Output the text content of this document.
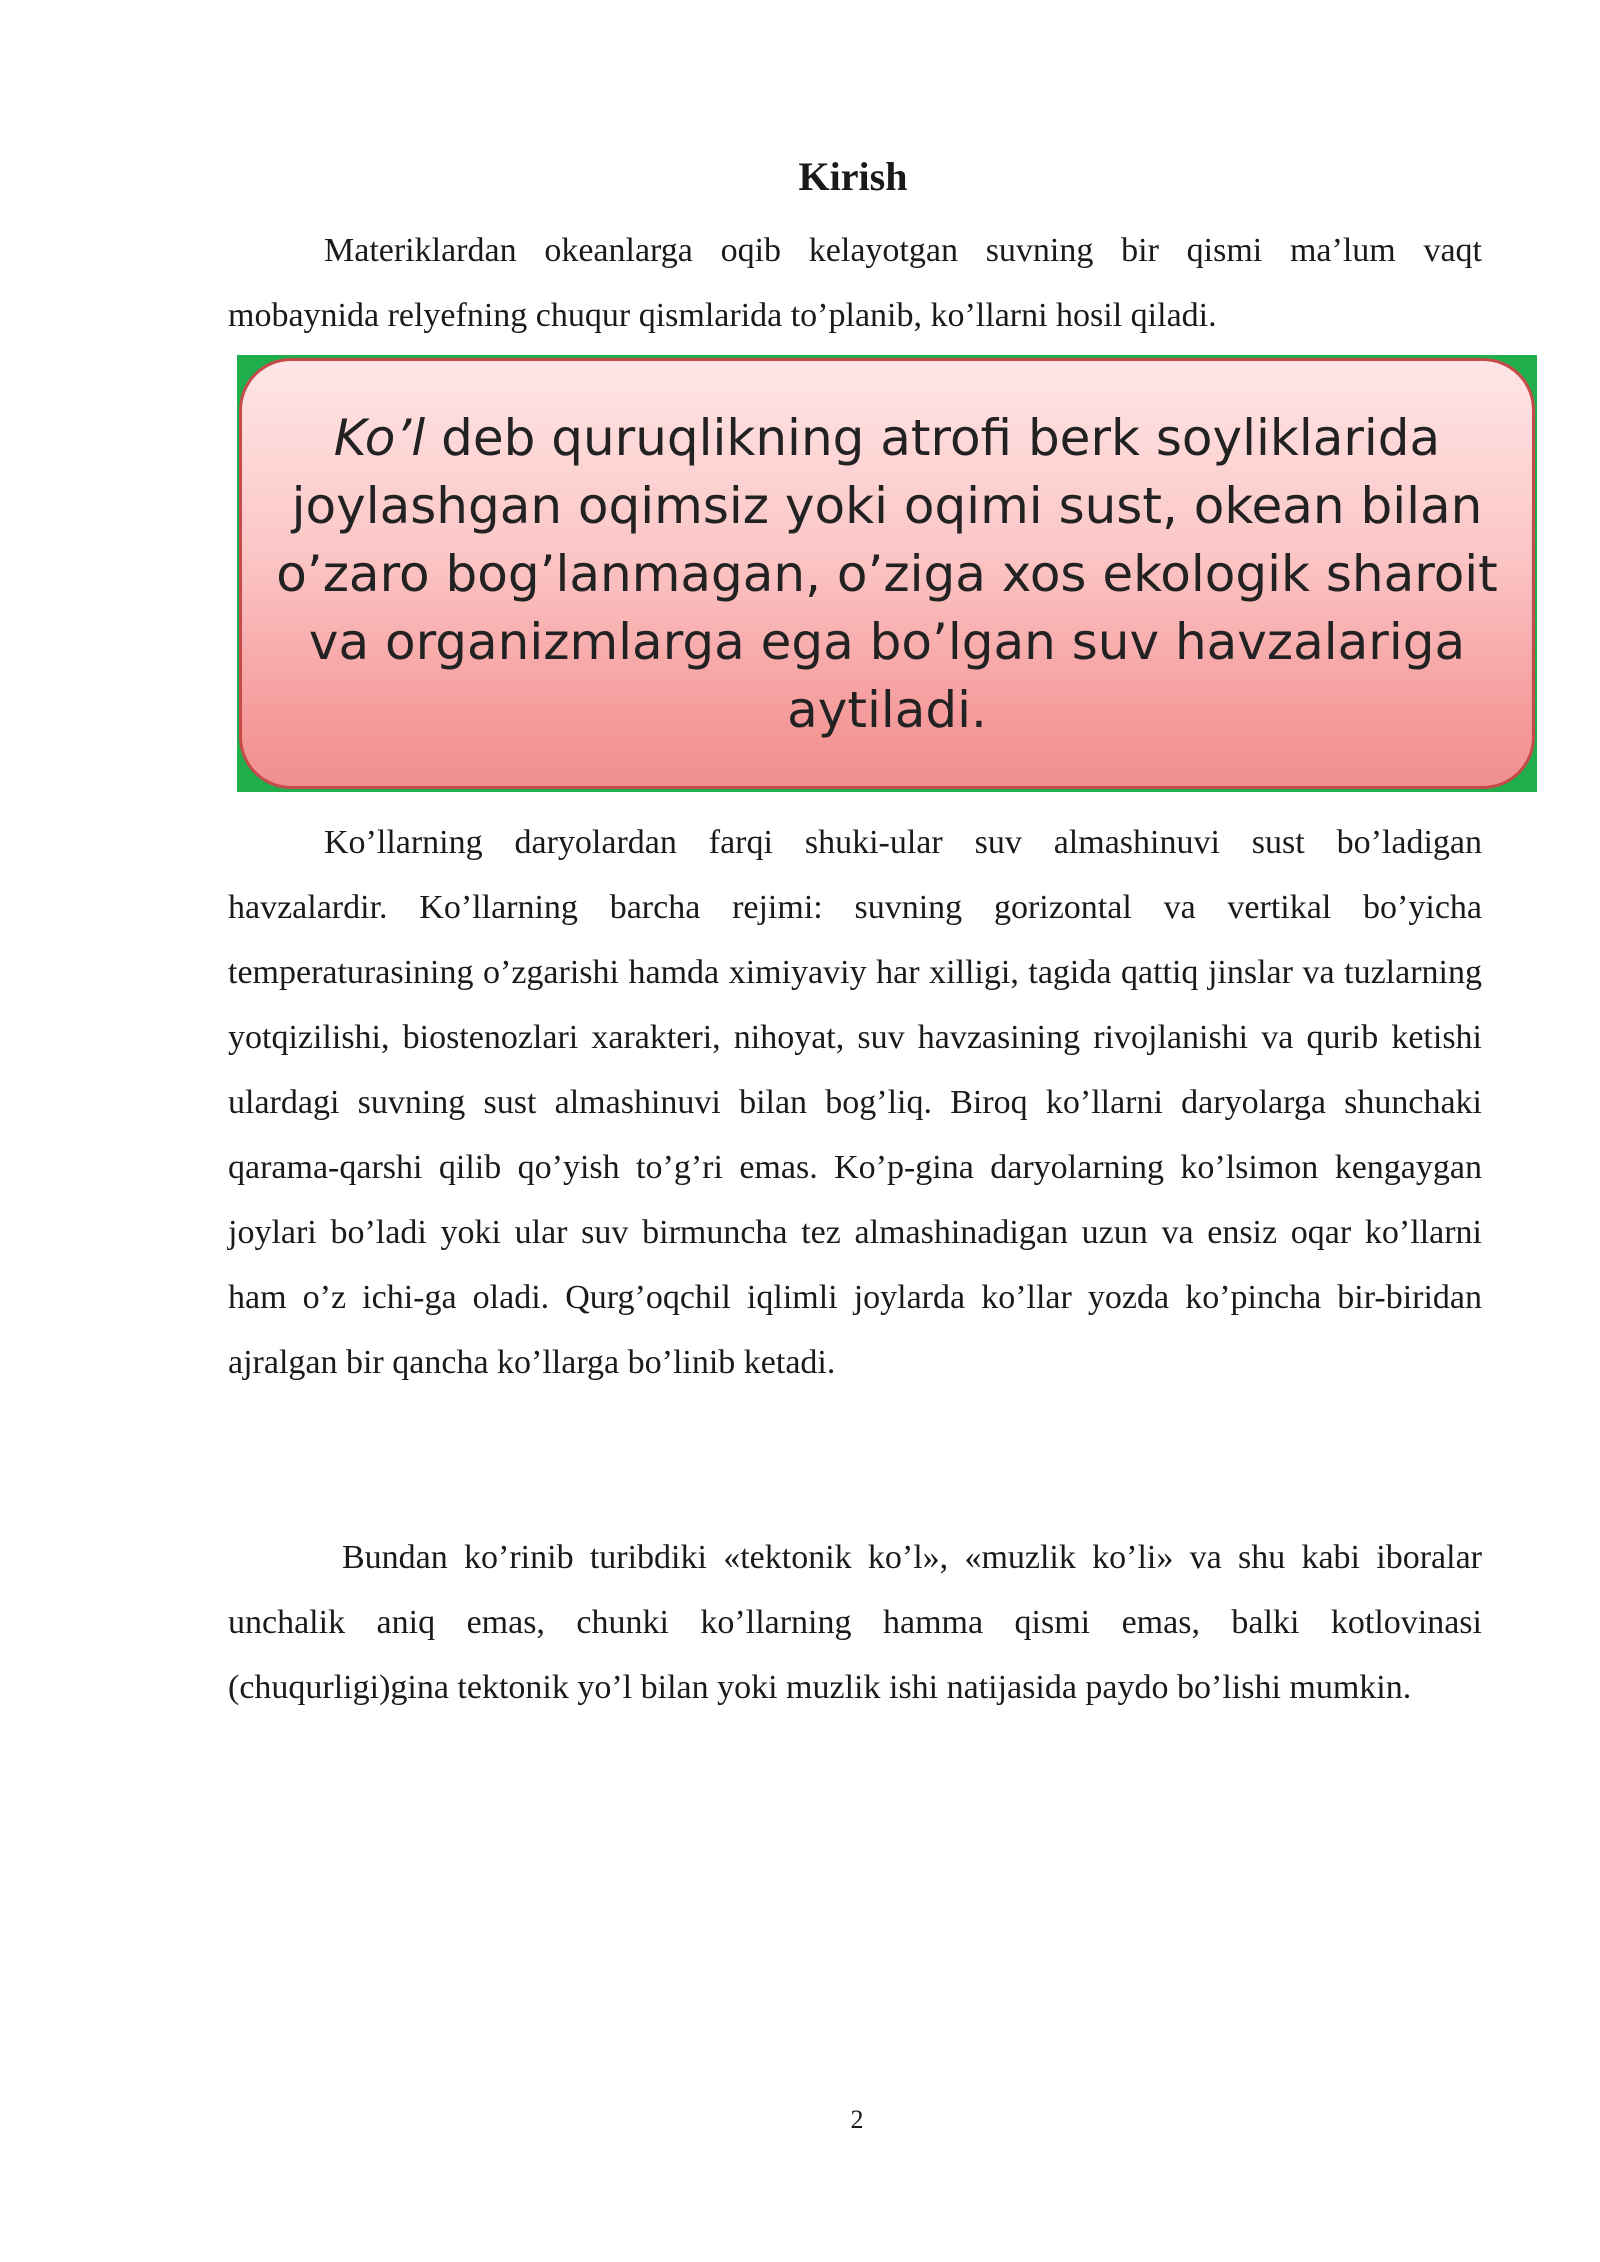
Kirish

Materiklardan okeanlarga oqib kelayotgan suvning bir qismi ma’lum vaqt mobaynida relyefning chuqur qismlarida to’planib, ko’llarni hosil qiladi.

Ko’l deb quruqlikning atrofi berk soyliklarida joylashgan oqimsiz yoki oqimi sust, okean bilan o’zaro bog’lanmagan, o’ziga xos ekologik sharoit va organizmlarga ega bo’lgan suv havzalariga aytiladi.

Ko’llarning daryolardan farqi shuki-ular suv almashinuvi sust bo’ladigan havzalardir. Ko’llarning barcha rejimi: suvning gorizontal va vertikal bo’yicha temperaturasining o’zgarishi hamda ximiyaviy har xilligi, tagida qattiq jinslar va tuzlarning yotqizilishi, biostenozlari xarakteri, nihoyat, suv havzasining rivojlanishi va qurib ketishi ulardagi suvning sust almashinuvi bilan bog’liq. Biroq ko’llarni daryolarga shunchaki qarama-qarshi qilib qo’yish to’g’ri emas. Ko’p-gina daryolarning ko’lsimon kengaygan joylari bo’ladi yoki ular suv birmuncha tez almashinadigan uzun va ensiz oqar ko’llarni ham o’z ichi-ga oladi. Qurg’oqchil iqlimli joylarda ko’llar yozda ko’pincha bir-biridan ajralgan bir qancha ko’llarga bo’linib ketadi.

Bundan ko’rinib turibdiki «tektonik ko’l», «muzlik ko’li» va shu kabi iboralar unchalik aniq emas, chunki ko’llarning hamma qismi emas, balki kotlovinasi (chuqurligi)gina tektonik yo’l bilan yoki muzlik ishi natijasida paydo bo’lishi mumkin.

2
